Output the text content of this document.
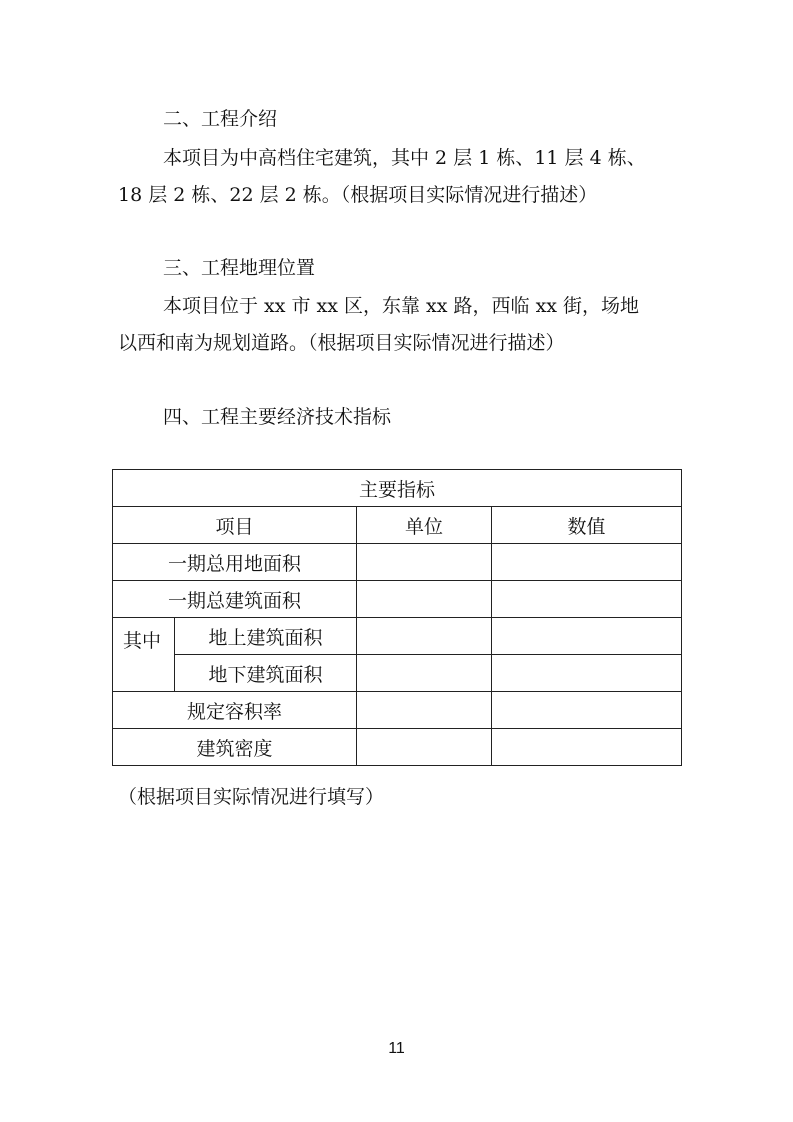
二、工程介绍

本项目为中高档住宅建筑，其中 2 层 1 栋、11 层 4 栋、

18 层 2 栋、22 层 2 栋。（根据项目实际情况进行描述）

三、工程地理位置

本项目位于 xx 市 xx 区，东靠 xx 路，西临 xx 街，场地

以西和南为规划道路。（根据项目实际情况进行描述）

四、工程主要经济技术指标

主要指标			
项目		单位	数值
一期总用地面积			
一期总建筑面积			
其中	地上建筑面积		
	地下建筑面积		
规定容积率			
建筑密度			
（根据项目实际情况进行填写）
11
